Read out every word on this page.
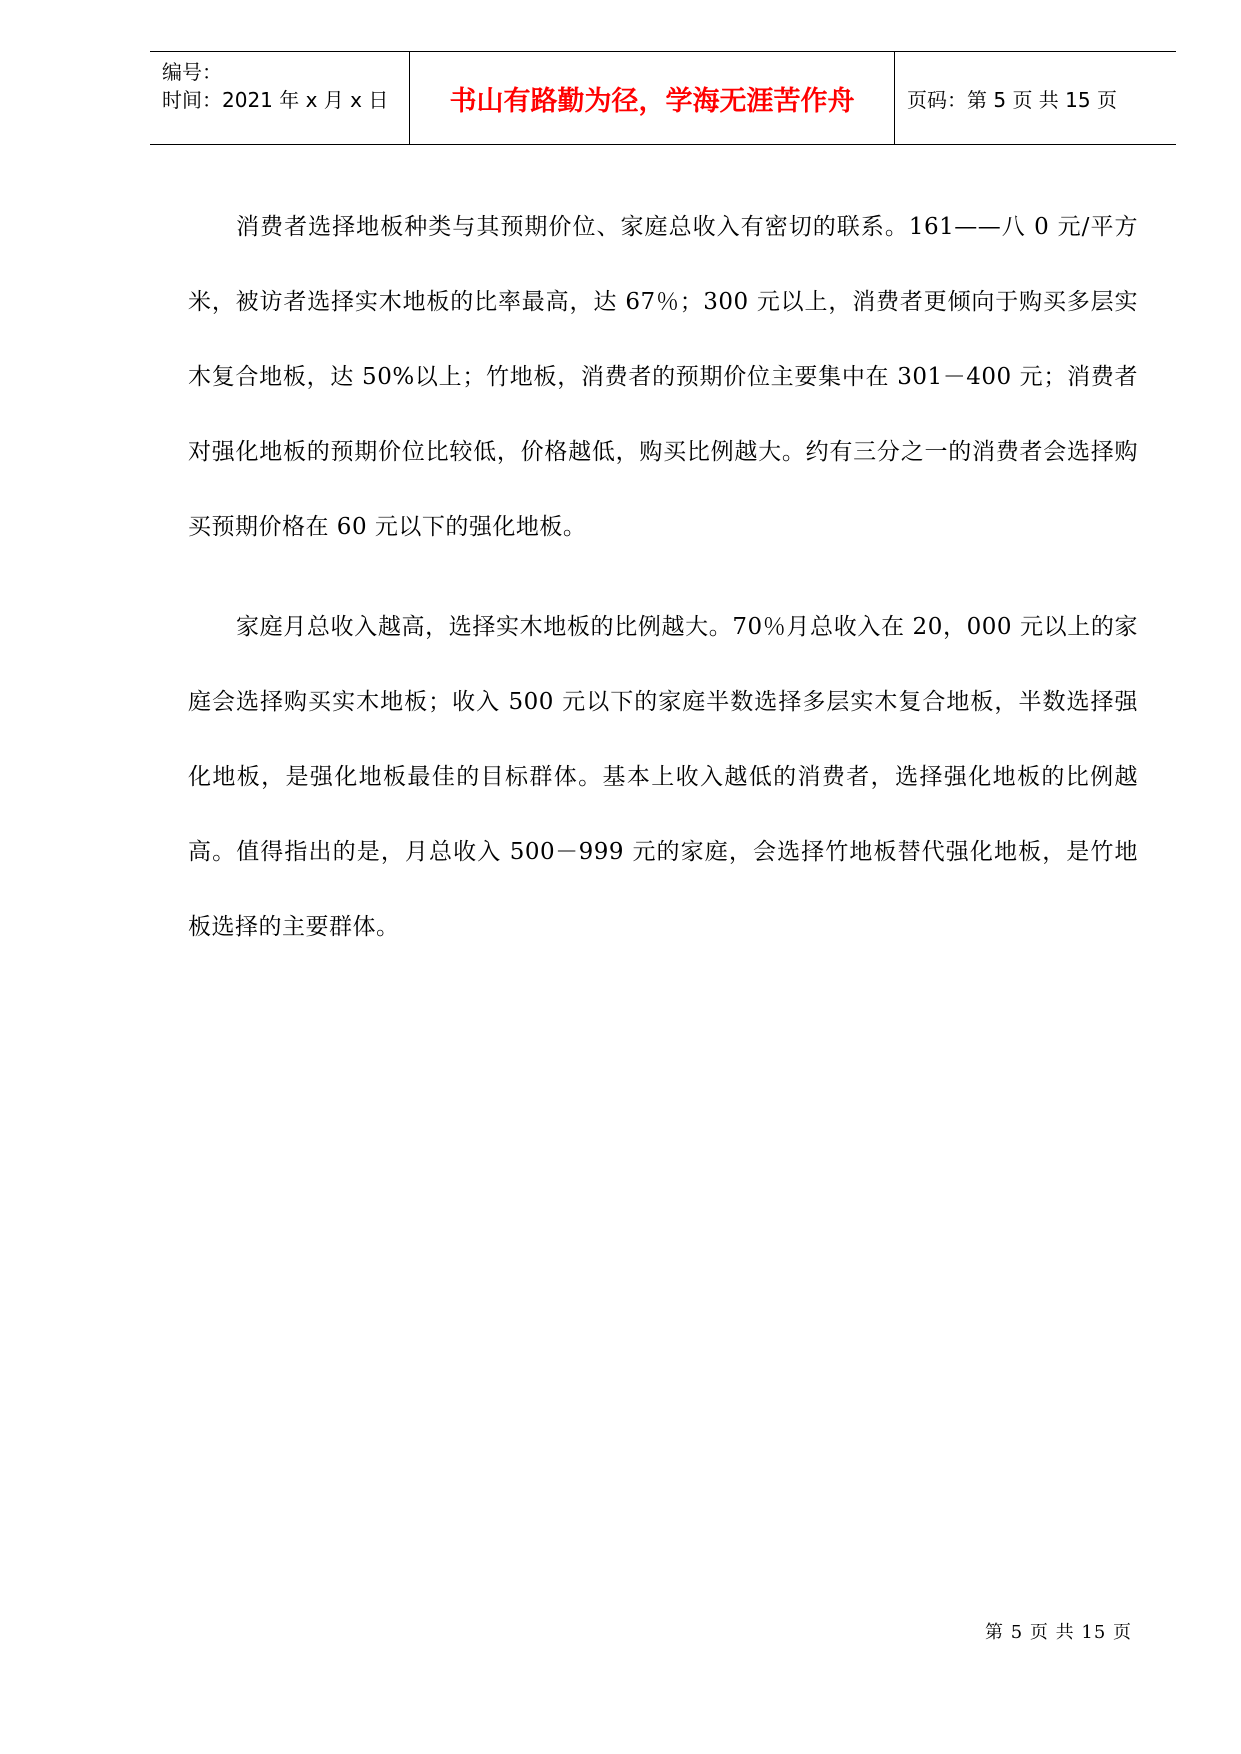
编号：
时间：2021 年 x 月 x 日 书山有路勤为径，学海无涯苦作舟	页码：第 5 页 共 15 页

消费者选择地板种类与其预期价位、家庭总收入有密切的联系。161——八 0 元/平方米，被访者选择实木地板的比率最高，达 67％；300 元以上，消费者更倾向于购买多层实木复合地板，达 50%以上；竹地板，消费者的预期价位主要集中在 301－400 元；消费者对强化地板的预期价位比较低，价格越低，购买比例越大。约有三分之一的消费者会选择购买预期价格在 60 元以下的强化地板。

家庭月总收入越高，选择实木地板的比例越大。70％月总收入在 20，000 元以上的家庭会选择购买实木地板；收入 500 元以下的家庭半数选择多层实木复合地板，半数选择强化地板，是强化地板最佳的目标群体。基本上收入越低的消费者，选择强化地板的比例越高。值得指出的是，月总收入 500－999 元的家庭，会选择竹地板替代强化地板，是竹地板选择的主要群体。

第 5 页 共 15 页
